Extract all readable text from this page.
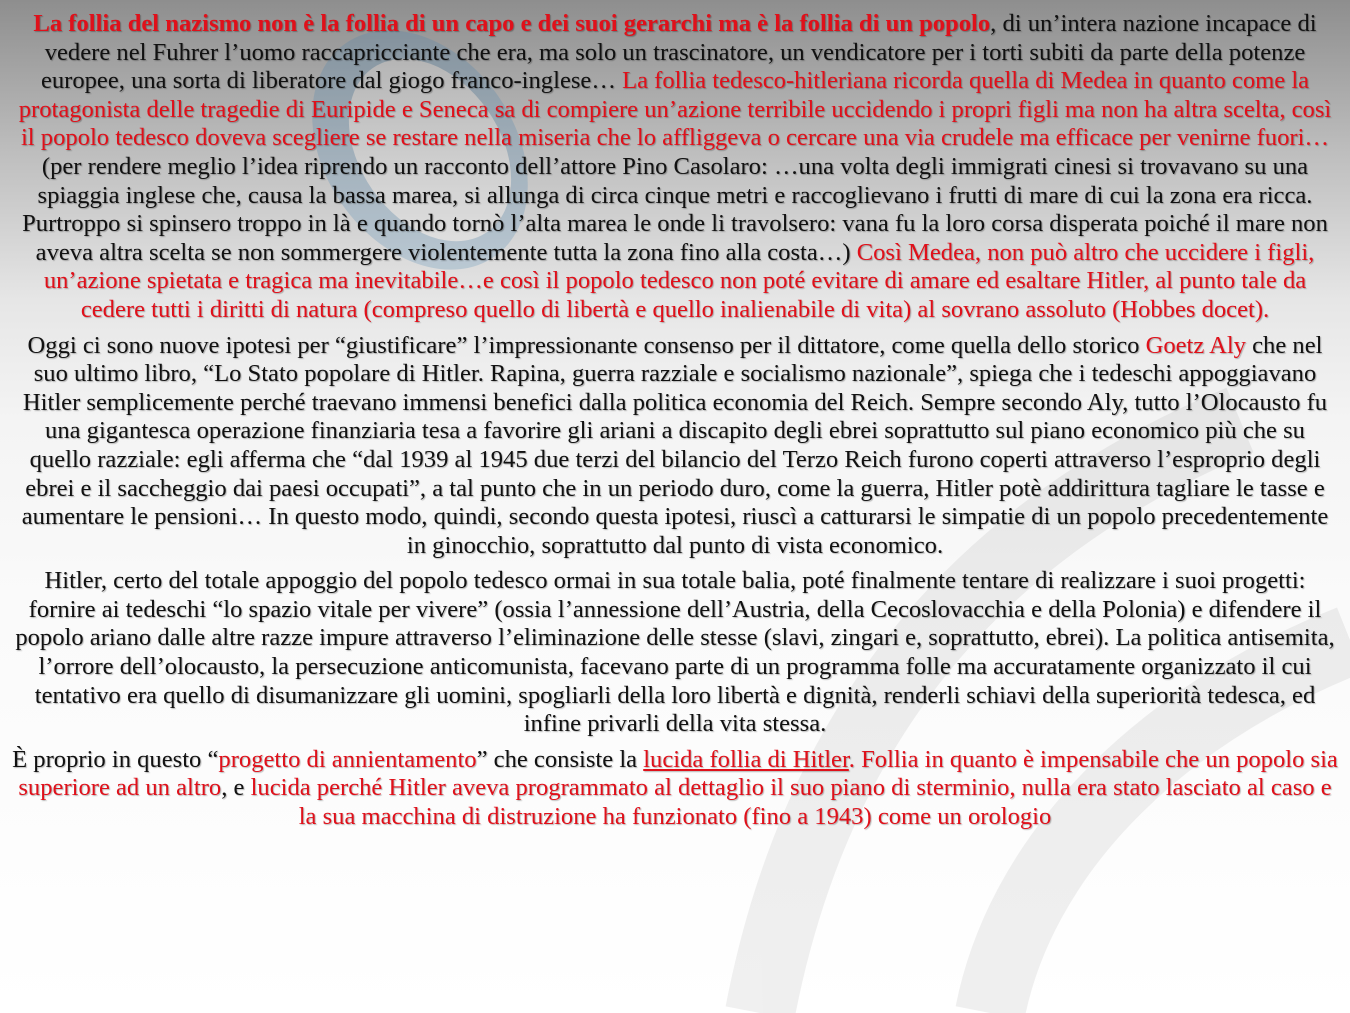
La follia del nazismo non è la follia di un capo e dei suoi gerarchi ma è la follia di un popolo, di un’intera nazione incapace di vedere nel Fuhrer l’uomo raccapricciante che era, ma solo un trascinatore, un vendicatore per i torti subiti da parte della potenze europee, una sorta di liberatore dal giogo franco-inglese… La follia tedesco-hitleriana ricorda quella di Medea in quanto come la protagonista delle tragedie di Euripide e Seneca sa di compiere un’azione terribile uccidendo i propri figli ma non ha altra scelta, così il popolo tedesco doveva scegliere se restare nella miseria che lo affliggeva o cercare una via crudele ma efficace per venirne fuori… (per rendere meglio l’idea riprendo un racconto dell’attore Pino Casolaro: …una volta degli immigrati cinesi si trovavano su una spiaggia inglese che, causa la bassa marea, si allunga di circa cinque metri e raccoglievano i frutti di mare di cui la zona era ricca. Purtroppo si spinsero troppo in là e quando tornò l’alta marea le onde li travolsero: vana fu la loro corsa disperata poiché il mare non aveva altra scelta se non sommergere violentemente tutta la zona fino alla costa…) Così Medea, non può altro che uccidere i figli, un’azione spietata e tragica ma inevitabile…e così il popolo tedesco non poté evitare di amare ed esaltare Hitler, al punto tale da cedere tutti i diritti di natura (compreso quello di libertà e quello inalienabile di vita) al sovrano assoluto (Hobbes docet).

Oggi ci sono nuove ipotesi per “giustificare” l’impressionante consenso per il dittatore, come quella dello storico Goetz Aly che nel suo ultimo libro, “Lo Stato popolare di Hitler. Rapina, guerra razziale e socialismo nazionale”, spiega che i tedeschi appoggiavano Hitler semplicemente perché traevano immensi benefici dalla politica economia del Reich. Sempre secondo Aly, tutto l’Olocausto fu una gigantesca operazione finanziaria tesa a favorire gli ariani a discapito degli ebrei soprattutto sul piano economico più che su quello razziale: egli afferma che “dal 1939 al 1945 due terzi del bilancio del Terzo Reich furono coperti attraverso l’esproprio degli ebrei e il saccheggio dai paesi occupati”, a tal punto che in un periodo duro, come la guerra, Hitler potè addirittura tagliare le tasse e aumentare le pensioni… In questo modo, quindi, secondo questa ipotesi, riuscì a catturarsi le simpatie di un popolo precedentemente in ginocchio, soprattutto dal punto di vista economico.

Hitler, certo del totale appoggio del popolo tedesco ormai in sua totale balia, poté finalmente tentare di realizzare i suoi progetti: fornire ai tedeschi “lo spazio vitale per vivere” (ossia l’annessione dell’Austria, della Cecoslovacchia e della Polonia) e difendere il popolo ariano dalle altre razze impure attraverso l’eliminazione delle stesse (slavi, zingari e, soprattutto, ebrei). La politica antisemita, l’orrore dell’olocausto, la persecuzione anticomunista, facevano parte di un programma folle ma accuratamente organizzato il cui tentativo era quello di disumanizzare gli uomini, spogliarli della loro libertà e dignità, renderli schiavi della superiorità tedesca, ed infine privarli della vita stessa.

È proprio in questo “progetto di annientamento” che consiste la lucida follia di Hitler. Follia in quanto è impensabile che un popolo sia superiore ad un altro, e lucida perché Hitler aveva programmato al dettaglio il suo piano di sterminio, nulla era stato lasciato al caso e la sua macchina di distruzione ha funzionato (fino a 1943) come un orologio
